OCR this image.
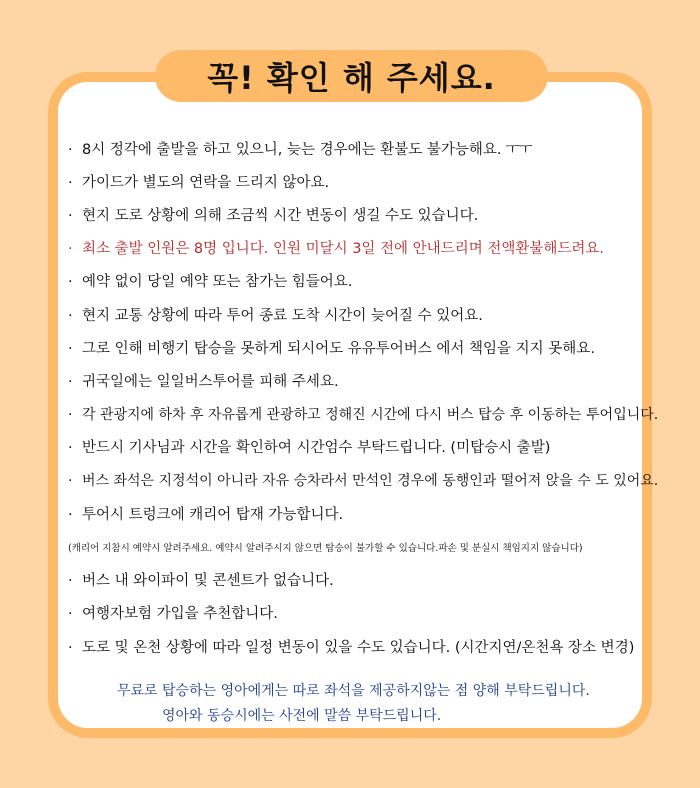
꼭! 확인 해 주세요.
· 8시 정각에 출발을 하고 있으니, 늦는 경우에는 환불도 불가능해요. ㅜㅜ
· 가이드가 별도의 연락을 드리지 않아요.
· 현지 도로 상황에 의해 조금씩 시간 변동이 생길 수도 있습니다.
· 최소 출발 인원은 8명 입니다. 인원 미달시 3일 전에 안내드리며 전액환불해드려요.
· 예약 없이 당일 예약 또는 참가는 힘들어요.
· 현지 교통 상황에 따라 투어 종료 도착 시간이 늦어질 수 있어요.
· 그로 인해 비행기 탑승을 못하게 되시어도 유유투어버스 에서 책임을 지지 못해요.
· 귀국일에는 일일버스투어를 피해 주세요.
· 각 관광지에 하차 후 자유롭게 관광하고 정해진 시간에 다시 버스 탑승 후 이동하는 투어입니다.
· 반드시 기사님과 시간을 확인하여 시간엄수 부탁드립니다. (미탑승시 출발)
· 버스 좌석은 지정석이 아니라 자유 승차라서 만석인 경우에 동행인과 떨어져 앉을 수 도 있어요.
· 투어시 트렁크에 캐리어 탑재 가능합니다.
(캐리어 지참시 예약시 알려주세요. 예약시 알려주시지 않으면 탑승이 불가할 수 있습니다.파손 및 분실시 책임지지 않습니다)
· 버스 내 와이파이 및 콘센트가 없습니다.
· 여행자보험 가입을 추천합니다.
· 도로 및 온천 상황에 따라 일정 변동이 있을 수도 있습니다. (시간지연/온천욕 장소 변경)
무료로 탑승하는 영아에게는 따로 좌석을 제공하지않는 점 양해 부탁드립니다.
영아와 동승시에는 사전에 말씀 부탁드립니다.
